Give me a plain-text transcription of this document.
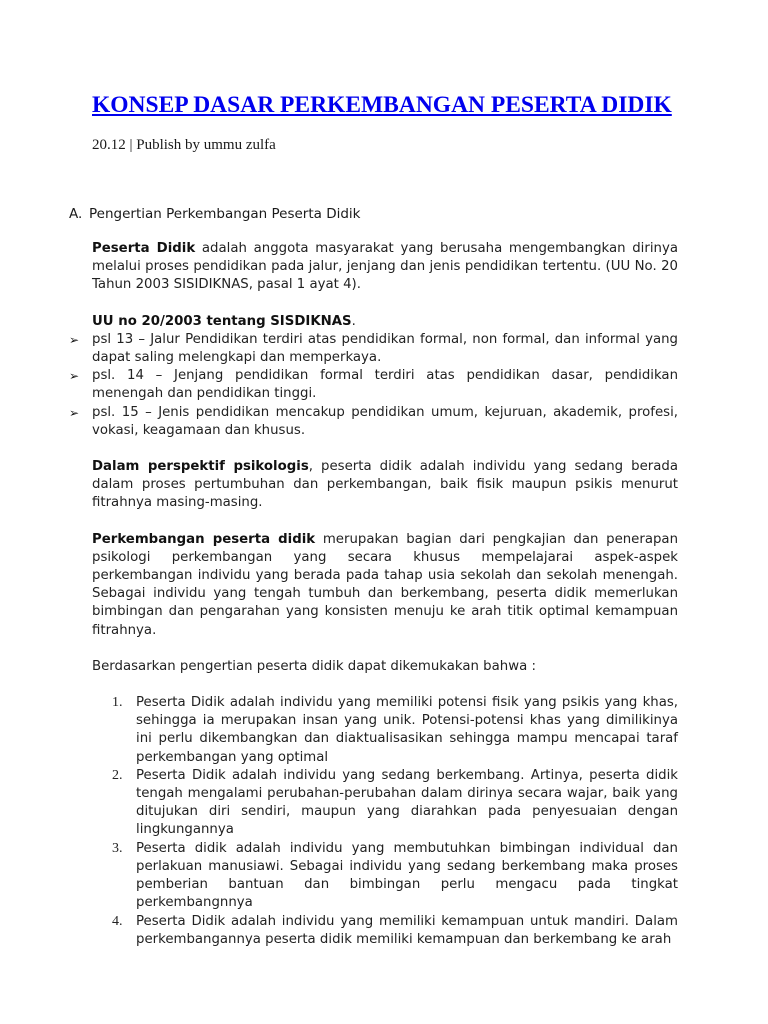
KONSEP DASAR PERKEMBANGAN PESERTA DIDIK
20.12 | Publish by ummu zulfa
A. Pengertian Perkembangan Peserta Didik

Peserta Didik adalah anggota masyarakat yang berusaha mengembangkan dirinya melalui proses pendidikan pada jalur, jenjang dan jenis pendidikan tertentu. (UU No. 20 Tahun 2003 SISIDIKNAS, pasal 1 ayat 4).

UU no 20/2003 tentang SISDIKNAS.

➢ psl 13 – Jalur Pendidikan terdiri atas pendidikan formal, non formal, dan informal yang dapat saling melengkapi dan memperkaya.
➢ psl. 14 – Jenjang pendidikan formal terdiri atas pendidikan dasar, pendidikan menengah dan pendidikan tinggi.
➢ psl. 15 – Jenis pendidikan mencakup pendidikan umum, kejuruan, akademik, profesi, vokasi, keagamaan dan khusus.

Dalam perspektif psikologis, peserta didik adalah individu yang sedang berada dalam proses pertumbuhan dan perkembangan, baik fisik maupun psikis menurut fitrahnya masing-masing.

Perkembangan peserta didik merupakan bagian dari pengkajian dan penerapan psikologi perkembangan yang secara khusus mempelajarai aspek-aspek perkembangan individu yang berada pada tahap usia sekolah dan sekolah menengah. Sebagai individu yang tengah tumbuh dan berkembang, peserta didik memerlukan bimbingan dan pengarahan yang konsisten menuju ke arah titik optimal kemampuan fitrahnya.

Berdasarkan pengertian peserta didik dapat dikemukakan bahwa :

1. Peserta Didik adalah individu yang memiliki potensi fisik yang psikis yang khas, sehingga ia merupakan insan yang unik. Potensi-potensi khas yang dimilikinya ini perlu dikembangkan dan diaktualisasikan sehingga mampu mencapai taraf perkembangan yang optimal
2. Peserta Didik adalah individu yang sedang berkembang. Artinya, peserta didik tengah mengalami perubahan-perubahan dalam dirinya secara wajar, baik yang ditujukan diri sendiri, maupun yang diarahkan pada penyesuaian dengan lingkungannya
3. Peserta didik adalah individu yang membutuhkan bimbingan individual dan perlakuan manusiawi. Sebagai individu yang sedang berkembang maka proses pemberian bantuan dan bimbingan perlu mengacu pada tingkat perkembangnnya
4. Peserta Didik adalah individu yang memiliki kemampuan untuk mandiri. Dalam perkembangannya peserta didik memiliki kemampuan dan berkembang ke arah
